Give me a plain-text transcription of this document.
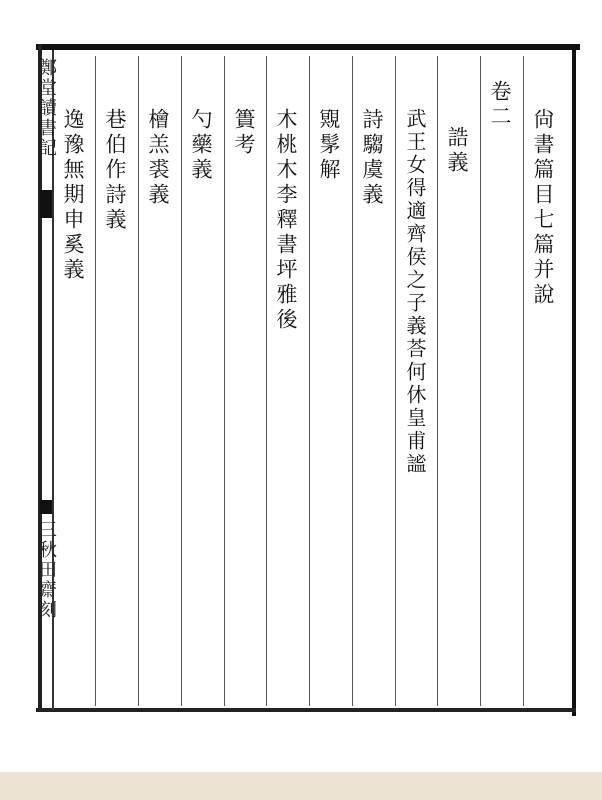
鄭堂讀書記
三秋田齋刻
尙書篇目七篇并說
卷二
誥義
武王女得適齊侯之子義荅何休皇甫謐
詩騶虞義
覭髳解
木桃木李釋書坪雅後
簣考
勺藥義
檜羔裘義
巷伯作詩義
逸豫無期申奚義
